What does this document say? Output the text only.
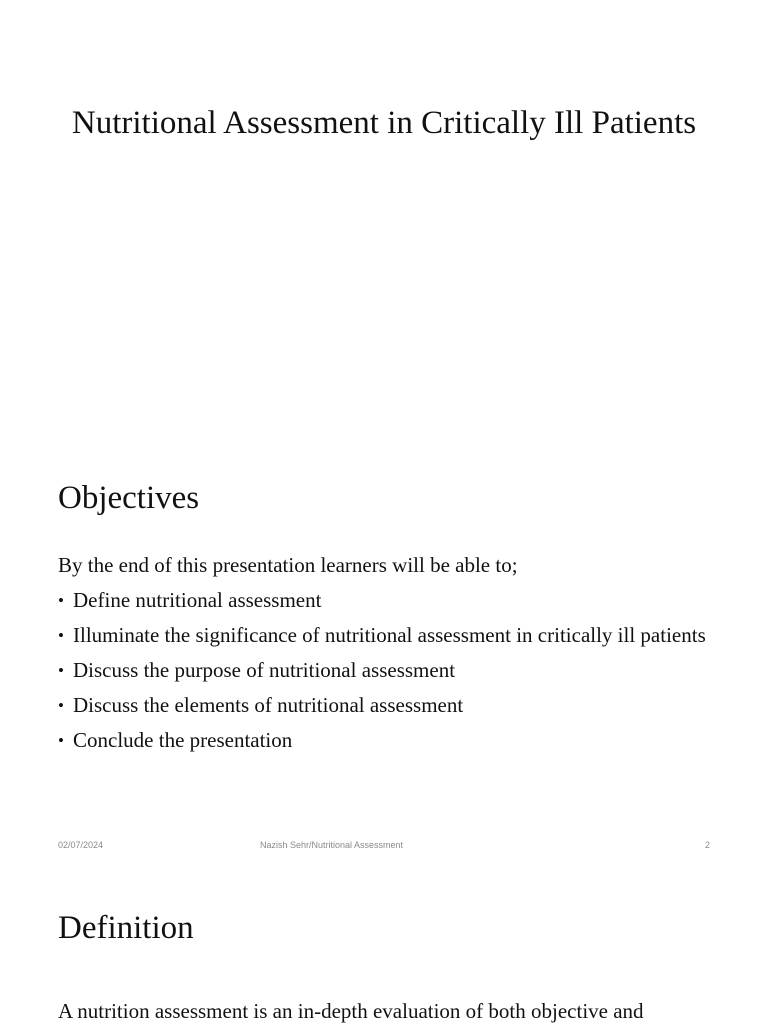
Nutritional Assessment in Critically Ill Patients
Objectives
By the end of this presentation learners will be able to;
• Define nutritional assessment
• Illuminate the significance of nutritional assessment in critically ill patients
• Discuss the purpose of nutritional assessment
• Discuss the elements of nutritional assessment
• Conclude the presentation
02/07/2024	Nazish Sehr/Nutritional Assessment	2
Definition
A nutrition assessment is an in-depth evaluation of both objective and
